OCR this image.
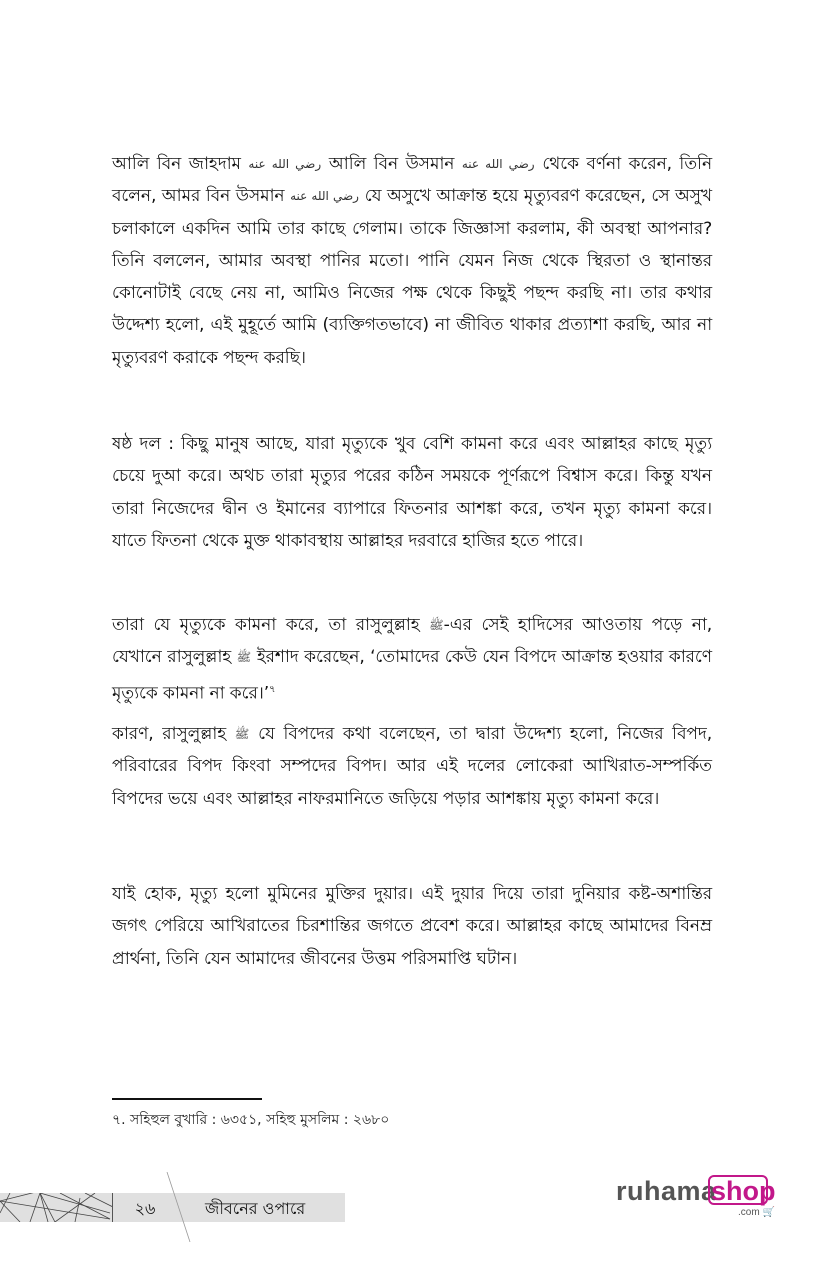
আলি বিন জাহদাম رضي الله عنه আলি বিন উসমান رضي الله عنه থেকে বর্ণনা করেন, তিনি বলেন, আমর বিন উসমান رضي الله عنه যে অসুখে আক্রান্ত হয়ে মৃত্যুবরণ করেছেন, সে অসুখ চলাকালে একদিন আমি তার কাছে গেলাম। তাকে জিজ্ঞাসা করলাম, কী অবস্থা আপনার? তিনি বললেন, আমার অবস্থা পানির মতো। পানি যেমন নিজ থেকে স্থিরতা ও স্থানান্তর কোনোটাই বেছে নেয় না, আমিও নিজের পক্ষ থেকে কিছুই পছন্দ করছি না। তার কথার উদ্দেশ্য হলো, এই মুহূর্তে আমি (ব্যক্তিগতভাবে) না জীবিত থাকার প্রত্যাশা করছি, আর না মৃত্যুবরণ করাকে পছন্দ করছি।

ষষ্ঠ দল : কিছু মানুষ আছে, যারা মৃত্যুকে খুব বেশি কামনা করে এবং আল্লাহর কাছে মৃত্যু চেয়ে দুআ করে। অথচ তারা মৃত্যুর পরের কঠিন সময়কে পূর্ণরূপে বিশ্বাস করে। কিন্তু যখন তারা নিজেদের দ্বীন ও ইমানের ব্যাপারে ফিতনার আশঙ্কা করে, তখন মৃত্যু কামনা করে। যাতে ফিতনা থেকে মুক্ত থাকাবস্থায় আল্লাহর দরবারে হাজির হতে পারে।

তারা যে মৃত্যুকে কামনা করে, তা রাসুলুল্লাহ ﷺ-এর সেই হাদিসের আওতায় পড়ে না, যেখানে রাসুলুল্লাহ ﷺ ইরশাদ করেছেন, ‘তোমাদের কেউ যেন বিপদে আক্রান্ত হওয়ার কারণে মৃত্যুকে কামনা না করে।’$^৭$

কারণ, রাসুলুল্লাহ ﷺ যে বিপদের কথা বলেছেন, তা দ্বারা উদ্দেশ্য হলো, নিজের বিপদ, পরিবারের বিপদ কিংবা সম্পদের বিপদ। আর এই দলের লোকেরা আখিরাত-সম্পর্কিত বিপদের ভয়ে এবং আল্লাহর নাফরমানিতে জড়িয়ে পড়ার আশঙ্কায় মৃত্যু কামনা করে।

যাই হোক, মৃত্যু হলো মুমিনের মুক্তির দুয়ার। এই দুয়ার দিয়ে তারা দুনিয়ার কষ্ট-অশান্তির জগৎ পেরিয়ে আখিরাতের চিরশান্তির জগতে প্রবেশ করে। আল্লাহর কাছে আমাদের বিনম্র প্রার্থনা, তিনি যেন আমাদের জীবনের উত্তম পরিসমাপ্তি ঘটান।

৭. সহিহুল বুখারি : ৬৩৫১, সহিহু মুসলিম : ২৬৮০
২৬	জীবনের ওপারে
ruhama
shop
.com 🛒
